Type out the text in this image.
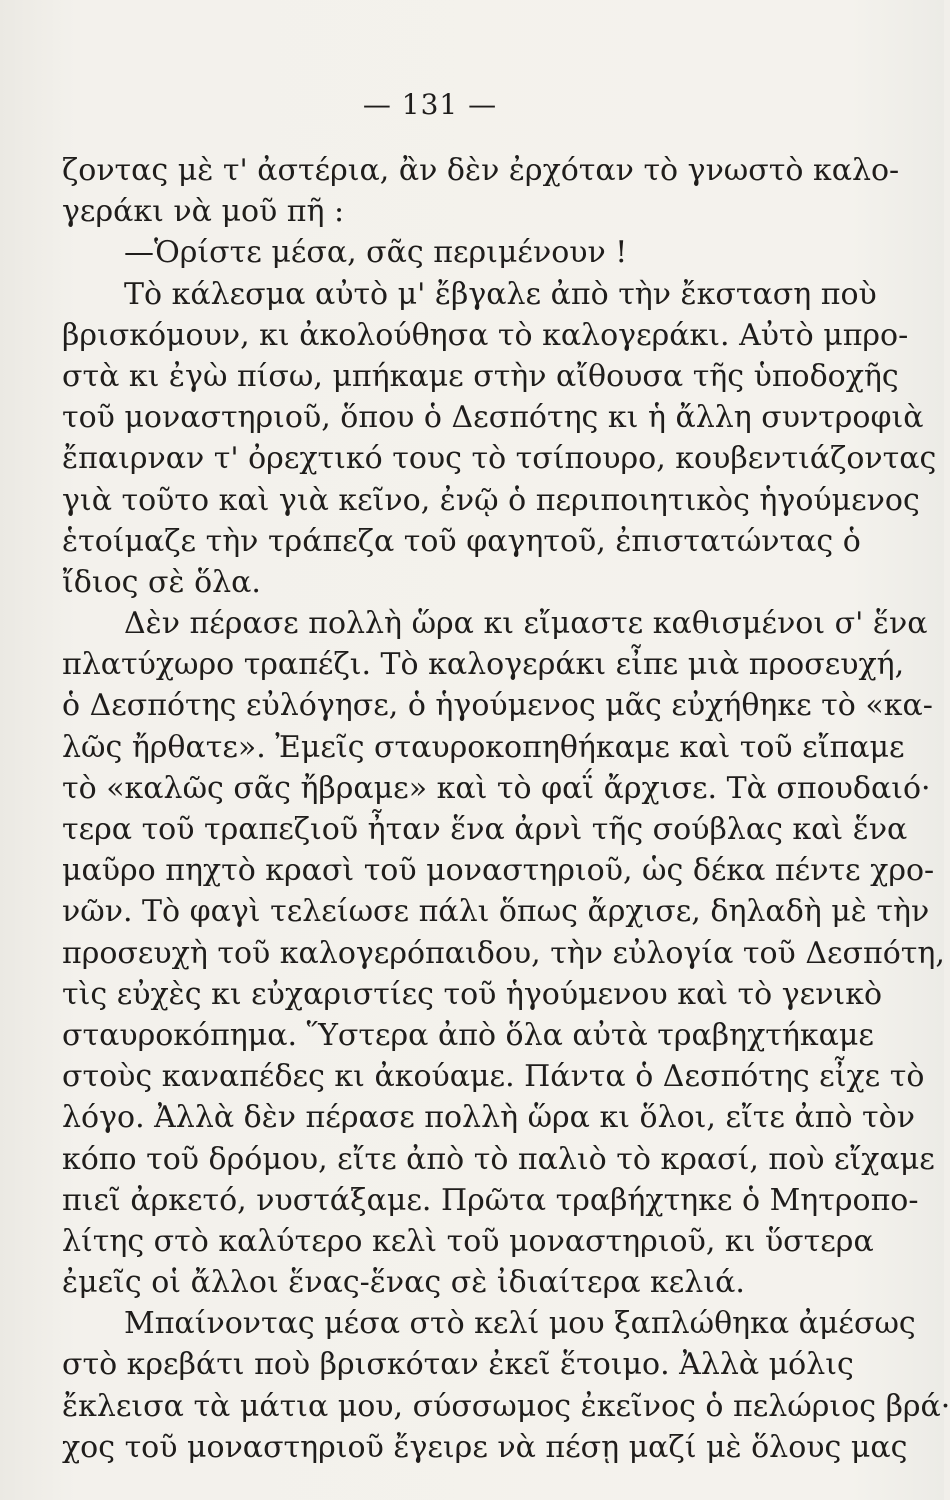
— 131 —
ζοντας μὲ τ' ἀστέρια, ἂν δὲν ἐρχόταν τὸ γνωστὸ καλο-
γεράκι νὰ μοῦ πῆ :
—Ὁρίστε μέσα, σᾶς περιμένουν !
Τὸ κάλεσμα αὐτὸ μ' ἔβγαλε ἀπὸ τὴν ἔκσταση ποὺ
βρισκόμουν, κι ἀκολούθησα τὸ καλογεράκι. Αὐτὸ μπρο-
στὰ κι ἐγὼ πίσω, μπήκαμε στὴν αἴθουσα τῆς ὑποδοχῆς
τοῦ μοναστηριοῦ, ὅπου ὁ Δεσπότης κι ἡ ἄλλη συντροφιὰ
ἔπαιρναν τ' ὀρεχτικό τους τὸ τσίπουρο, κουβεντιάζοντας
γιὰ τοῦτο καὶ γιὰ κεῖνο, ἐνῷ ὁ περιποιητικὸς ἡγούμενος
ἑτοίμαζε τὴν τράπεζα τοῦ φαγητοῦ, ἐπιστατώντας ὁ
ἴδιος σὲ ὅλα.
Δὲν πέρασε πολλὴ ὥρα κι εἴμαστε καθισμένοι σ' ἕνα
πλατύχωρο τραπέζι. Τὸ καλογεράκι εἶπε μιὰ προσευχή,
ὁ Δεσπότης εὐλόγησε, ὁ ἡγούμενος μᾶς εὐχήθηκε τὸ «κα-
λῶς ἤρθατε». Ἐμεῖς σταυροκοπηθήκαμε καὶ τοῦ εἴπαμε
τὸ «καλῶς σᾶς ἤβραμε» καὶ τὸ φαΐ ἄρχισε. Τὰ σπουδαιό·
τερα τοῦ τραπεζιοῦ ἦταν ἕνα ἀρνὶ τῆς σούβλας καὶ ἕνα
μαῦρο πηχτὸ κρασὶ τοῦ μοναστηριοῦ, ὡς δέκα πέντε χρο-
νῶν. Τὸ φαγὶ τελείωσε πάλι ὅπως ἄρχισε, δηλαδὴ μὲ τὴν
προσευχὴ τοῦ καλογερόπαιδου, τὴν εὐλογία τοῦ Δεσπότη,
τὶς εὐχὲς κι εὐχαριστίες τοῦ ἡγούμενου καὶ τὸ γενικὸ
σταυροκόπημα. Ὕστερα ἀπὸ ὅλα αὐτὰ τραβηχτήκαμε
στοὺς καναπέδες κι ἀκούαμε. Πάντα ὁ Δεσπότης εἶχε τὸ
λόγο. Ἀλλὰ δὲν πέρασε πολλὴ ὥρα κι ὅλοι, εἴτε ἀπὸ τὸν
κόπο τοῦ δρόμου, εἴτε ἀπὸ τὸ παλιὸ τὸ κρασί, ποὺ εἴχαμε
πιεῖ ἀρκετό, νυστάξαμε. Πρῶτα τραβήχτηκε ὁ Μητροπο-
λίτης στὸ καλύτερο κελὶ τοῦ μοναστηριοῦ, κι ὕστερα
ἐμεῖς οἱ ἄλλοι ἕνας-ἕνας σὲ ἰδιαίτερα κελιά.
Μπαίνοντας μέσα στὸ κελί μου ξαπλώθηκα ἀμέσως
στὸ κρεβάτι ποὺ βρισκόταν ἐκεῖ ἕτοιμο. Ἀλλὰ μόλις
ἔκλεισα τὰ μάτια μου, σύσσωμος ἐκεῖνος ὁ πελώριος βρά·
χος τοῦ μοναστηριοῦ ἔγειρε νὰ πέσῃ μαζί μὲ ὅλους μας
